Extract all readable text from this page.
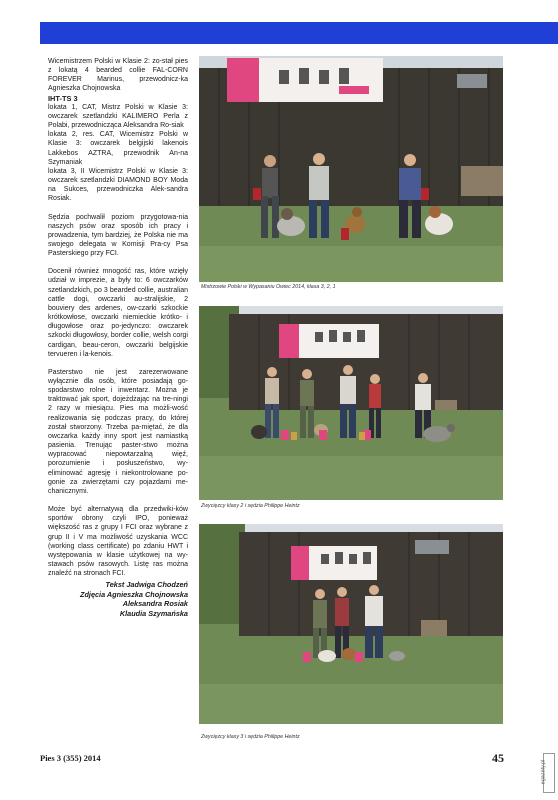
Wicemistrzem Polski w Klasie 2: zo-stał pies z lokatą 4 bearded collie FAL-CORN FOREVER Marinus, przewodnicz-ka Agnieszka Chojnowska

IHT-TS 3

lokata 1, CAT, Mistrz Polski w Klasie 3: owczarek szetlandzki KALIMERO Perla z Polabi, przewodnicząca Aleksandra Ro-siak

lokata 2, res. CAT, Wicemistrz Polski w Klasie 3: owczarek belgijski lakenois Lakkebos AZTRA, przewodnik An-na Szymaniak

lokata 3, II Wicemistrz Polski w Klasie 3: owczarek szetlandzki DIAMOND BOY Moda na Sukces, przewodniczka Alek-sandra Rosiak.

Sędzia pochwalił poziom przygotowa-nia naszych psów oraz sposób ich pracy i prowadzenia, tym bardziej, że Polska nie ma swojego delegata w Komisji Pra-cy Psa Pasterskiego przy FCI.

Docenił również mnogość ras, które wzięły udział w imprezie, a były to: 6 owczarków szetlandzkich, po 3 bearded collie, australian cattle dogi, owczarki au-stralijskie, 2 bouviery des ardenes, ow-czarki szkockie krótkowłose, owczarki niemieckie krótko- i długowłose oraz po-jedynczo: owczarek szkocki długowłosy, border collie, welsh corgi cardigan, beau-ceron, owczarki belgijskie tervueren i la-kenois.

Pasterstwo nie jest zarezerwowane wyłącznie dla osób, które posiadają go-spodarstwo rolne i inwentarz. Można je traktować jak sport, dojeżdżając na tre-ningi 2 razy w miesiącu. Pies ma możli-wość realizowania się podczas pracy, do której został stworzony. Trzeba pa-miętać, że dla owczarka każdy inny sport jest namiastką pasienia. Trenując paster-stwo można wypracować niepowtarzalną więź, porozumienie i posłuszeństwo, wy-eliminować agresję i niekontrolowane po-gonie za zwierzętami czy pojazdami me-chanicznymi.

Może być alternatywą dla przedwiki-ków sportów obrony czyli IPO, ponieważ większość ras z grupy I FCI oraz wybrane z grup II i V ma możliwość uzyskania WCC (working class certificate) po zdaniu HWT i występowania w klasie użytkowej na wy-stawach psów rasowych. Listę ras można znaleźć na stronach FCI.

Tekst Jadwiga Chodzeń
Zdjęcia Agnieszka Chojnowska
Aleksandra Rosiak
Klaudia Szymańska
Mistrzowie Polski w Wypasaniu Owiec 2014, klasa 3, 2, 1
Zwycięzcy klasy 2 i sędzia Philippe Heintz
Zwycięzcy klasy 3 i sędzia Philippe Heintz
Pies 3 (355) 2014	45
egazety.pl
